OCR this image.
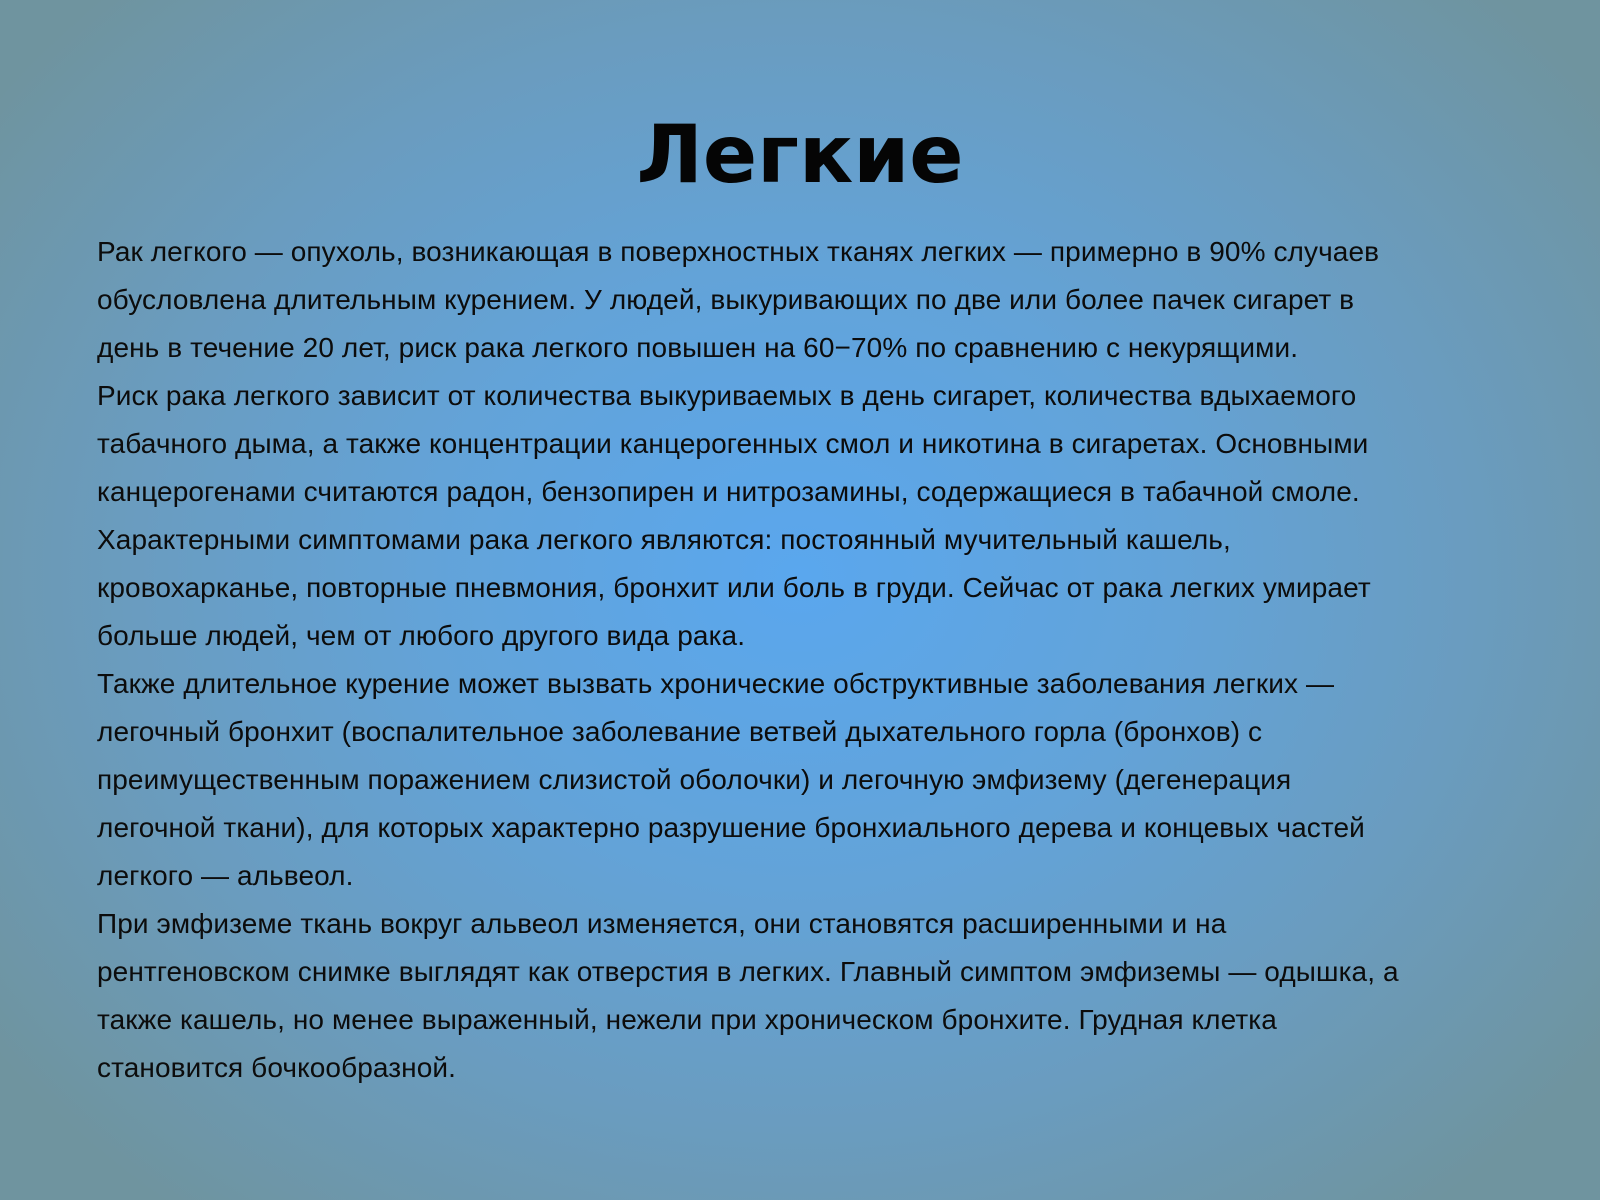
Легкие

Рак легкого — опухоль, возникающая в поверхностных тканях легких — примерно в 90% случаев

обусловлена длительным курением. У людей, выкуривающих по две или более пачек сигарет в

день в течение 20 лет, риск рака легкого повышен на 60−70% по сравнению с некурящими.

Риск рака легкого зависит от количества выкуриваемых в день сигарет, количества вдыхаемого

табачного дыма, а также концентрации канцерогенных смол и никотина в сигаретах. Основными

канцерогенами считаются радон, бензопирен и нитрозамины, содержащиеся в табачной смоле.

Характерными симптомами рака легкого являются: постоянный мучительный кашель,

кровохарканье, повторные пневмония, бронхит или боль в груди. Сейчас от рака легких умирает

больше людей, чем от любого другого вида рака.

Также длительное курение может вызвать хронические обструктивные заболевания легких —

легочный бронхит (воспалительное заболевание ветвей дыхательного горла (бронхов) с

преимущественным поражением слизистой оболочки) и легочную эмфизему (дегенерация

легочной ткани), для которых характерно разрушение бронхиального дерева и концевых частей

легкого — альвеол.

При эмфиземе ткань вокруг альвеол изменяется, они становятся расширенными и на

рентгеновском снимке выглядят как отверстия в легких. Главный симптом эмфиземы — одышка, а

также кашель, но менее выраженный, нежели при хроническом бронхите. Грудная клетка

становится бочкообразной.
